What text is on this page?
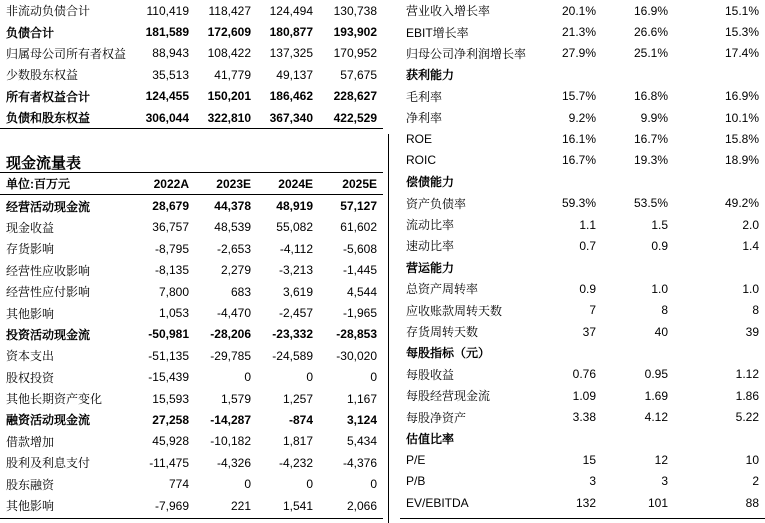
非流动负债合计	110,419	118,427	124,494	130,738
负债合计	181,589	172,609	180,877	193,902
归属母公司所有者权益	88,943	108,422	137,325	170,952
少数股东权益	35,513	41,779	49,137	57,675
所有者权益合计	124,455	150,201	186,462	228,627
负债和股东权益	306,044	322,810	367,340	422,529
现金流量表
单位:百万元	2022A	2023E	2024E	2025E
经营活动现金流	28,679	44,378	48,919	57,127
现金收益	36,757	48,539	55,082	61,602
存货影响	-8,795	-2,653	-4,112	-5,608
经营性应收影响	-8,135	2,279	-3,213	-1,445
经营性应付影响	7,800	683	3,619	4,544
其他影响	1,053	-4,470	-2,457	-1,965
投资活动现金流	-50,981	-28,206	-23,332	-28,853
资本支出	-51,135	-29,785	-24,589	-30,020
股权投资	-15,439	0	0	0
其他长期资产变化	15,593	1,579	1,257	1,167
融资活动现金流	27,258	-14,287	-874	3,124
借款增加	45,928	-10,182	1,817	5,434
股利及利息支付	-11,475	-4,326	-4,232	-4,376
股东融资	774	0	0	0
其他影响	-7,969	221	1,541	2,066
营业收入增长率	20.1%	16.9%	15.1%
EBIT增长率	21.3%	26.6%	15.3%
归母公司净利润增长率	27.9%	25.1%	17.4%
获利能力			
毛利率	15.7%	16.8%	16.9%
净利率	9.2%	9.9%	10.1%
ROE	16.1%	16.7%	15.8%
ROIC	16.7%	19.3%	18.9%
偿债能力			
资产负债率	59.3%	53.5%	49.2%
流动比率	1.1	1.5	2.0
速动比率	0.7	0.9	1.4
营运能力			
总资产周转率	0.9	1.0	1.0
应收账款周转天数	7	8	8
存货周转天数	37	40	39
每股指标（元）			
每股收益	0.76	0.95	1.12
每股经营现金流	1.09	1.69	1.86
每股净资产	3.38	4.12	5.22
估值比率			
P/E	15	12	10
P/B	3	3	2
EV/EBITDA	132	101	88
